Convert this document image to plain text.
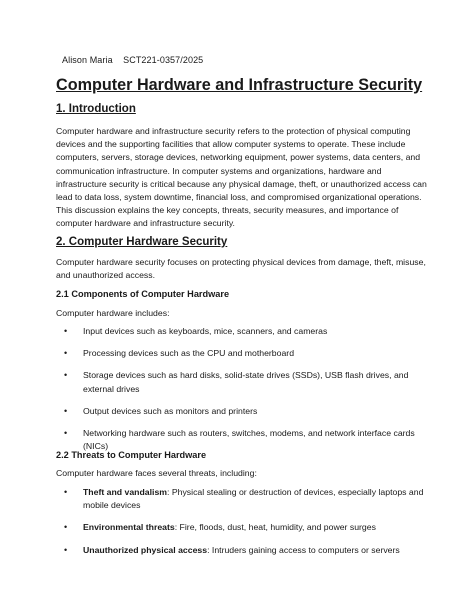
Alison Maria    SCT221-0357/2025
Computer Hardware and Infrastructure Security
1. Introduction

Computer hardware and infrastructure security refers to the protection of physical computing
devices and the supporting facilities that allow computer systems to operate. These include
computers, servers, storage devices, networking equipment, power systems, data centers, and
communication infrastructure. In computer systems and organizations, hardware and
infrastructure security is critical because any physical damage, theft, or unauthorized access can
lead to data loss, system downtime, financial loss, and compromised organizational operations.
This discussion explains the key concepts, threats, security measures, and importance of
computer hardware and infrastructure security.

2. Computer Hardware Security

Computer hardware security focuses on protecting physical devices from damage, theft, misuse,
and unauthorized access.

2.1 Components of Computer Hardware

Computer hardware includes:

• Input devices such as keyboards, mice, scanners, and cameras
• Processing devices such as the CPU and motherboard
• Storage devices such as hard disks, solid-state drives (SSDs), USB flash drives, and
external drives
• Output devices such as monitors and printers
• Networking hardware such as routers, switches, modems, and network interface cards
(NICs)
2.2 Threats to Computer Hardware

Computer hardware faces several threats, including:

• Theft and vandalism: Physical stealing or destruction of devices, especially laptops and
mobile devices
• Environmental threats: Fire, floods, dust, heat, humidity, and power surges
• Unauthorized physical access: Intruders gaining access to computers or servers
